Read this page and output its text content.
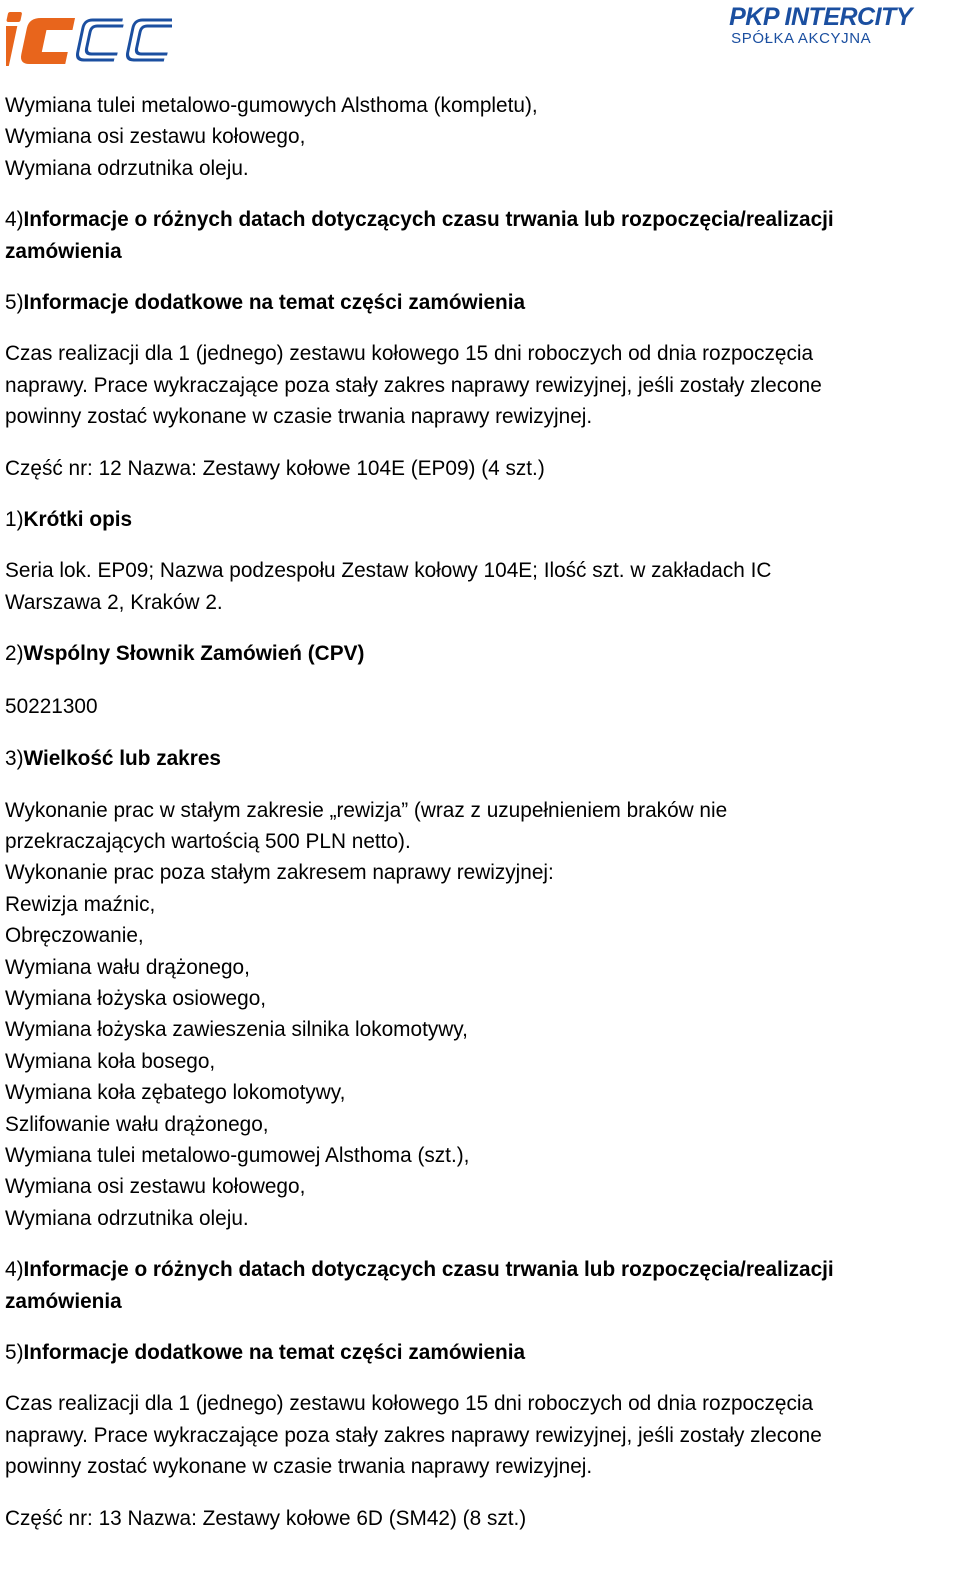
PKP INTERCITY
SPÓŁKA AKCYJNA
Wymiana tulei metalowo-gumowych Alsthoma (kompletu),
Wymiana osi zestawu kołowego,
Wymiana odrzutnika oleju.
4)Informacje o różnych datach dotyczących czasu trwania lub rozpoczęcia/realizacji
zamówienia
5)Informacje dodatkowe na temat części zamówienia
Czas realizacji dla 1 (jednego) zestawu kołowego 15 dni roboczych od dnia rozpoczęcia
naprawy. Prace wykraczające poza stały zakres naprawy rewizyjnej, jeśli zostały zlecone
powinny zostać wykonane w czasie trwania naprawy rewizyjnej.
Część nr: 12 Nazwa: Zestawy kołowe 104E (EP09) (4 szt.)
1)Krótki opis
Seria lok. EP09; Nazwa podzespołu Zestaw kołowy 104E; Ilość szt. w zakładach IC
Warszawa 2, Kraków 2.
2)Wspólny Słownik Zamówień (CPV)
50221300
3)Wielkość lub zakres
Wykonanie prac w stałym zakresie „rewizja” (wraz z uzupełnieniem braków nie
przekraczających wartością 500 PLN netto).
Wykonanie prac poza stałym zakresem naprawy rewizyjnej:
Rewizja maźnic,
Obręczowanie,
Wymiana wału drążonego,
Wymiana łożyska osiowego,
Wymiana łożyska zawieszenia silnika lokomotywy,
Wymiana koła bosego,
Wymiana koła zębatego lokomotywy,
Szlifowanie wału drążonego,
Wymiana tulei metalowo-gumowej Alsthoma (szt.),
Wymiana osi zestawu kołowego,
Wymiana odrzutnika oleju.
4)Informacje o różnych datach dotyczących czasu trwania lub rozpoczęcia/realizacji
zamówienia
5)Informacje dodatkowe na temat części zamówienia
Czas realizacji dla 1 (jednego) zestawu kołowego 15 dni roboczych od dnia rozpoczęcia
naprawy. Prace wykraczające poza stały zakres naprawy rewizyjnej, jeśli zostały zlecone
powinny zostać wykonane w czasie trwania naprawy rewizyjnej.
Część nr: 13 Nazwa: Zestawy kołowe 6D (SM42) (8 szt.)
